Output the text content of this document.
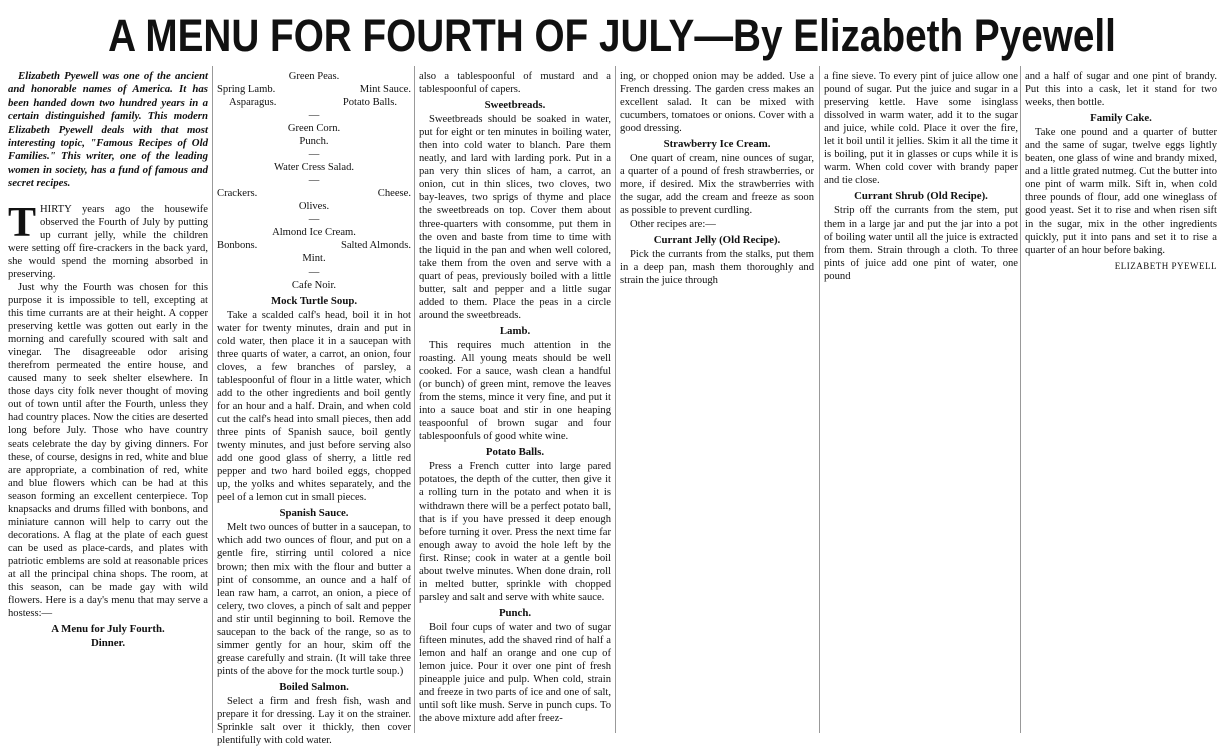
A MENU FOR FOURTH OF JULY—By Elizabeth Pyewell

Elizabeth Pyewell was one of the ancient and honorable names of America. It has been handed down two hundred years in a certain distinguished family. This modern Elizabeth Pyewell deals with that most interesting topic, "Famous Recipes of Old Families." This writer, one of the leading women in society, has a fund of famous and secret recipes.

THIRTY years ago the housewife observed the Fourth of July by putting up currant jelly, while the children were setting off fire-crackers in the back yard, she would spend the morning absorbed in preserving.

Just why the Fourth was chosen for this purpose it is impossible to tell, excepting at this time currants are at their height. A copper preserving kettle was gotten out early in the morning and carefully scoured with salt and vinegar. The disagreeable odor arising therefrom permeated the entire house, and caused many to seek shelter elsewhere. In those days city folk never thought of moving out of town until after the Fourth, unless they had country places. Now the cities are deserted long before July. Those who have country seats celebrate the day by giving dinners. For these, of course, designs in red, white and blue are appropriate, a combination of red, white and blue flowers which can be had at this season forming an excellent centerpiece. Top knapsacks and drums filled with bonbons, and miniature cannon will help to carry out the decorations. A flag at the plate of each guest can be used as place-cards, and plates with patriotic emblems are sold at reasonable prices at all the principal china shops. The room, at this season, can be made gay with wild flowers. Here is a day's menu that may serve a hostess:—

A Menu for July Fourth.
Dinner.
Green Peas.
Spring Lamb.	Mint Sauce.
Asparagus.	Potato Balls.
—
Green Corn.
Punch.
—
Water Cress Salad.
—
Crackers.	Cheese.
Olives.
—
Almond Ice Cream.
Bonbons.	Salted Almonds.
Mint.
—
Cafe Noir.
Mock Turtle Soup.

Take a scalded calf's head, boil it in hot water for twenty minutes, drain and put in cold water, then place it in a saucepan with three quarts of water, a carrot, an onion, four cloves, a few branches of parsley, a tablespoonful of flour in a little water, which add to the other ingredients and boil gently for an hour and a half. Drain, and when cold cut the calf's head into small pieces, then add three pints of Spanish sauce, boil gently twenty minutes, and just before serving also add one good glass of sherry, a little red pepper and two hard boiled eggs, chopped up, the yolks and whites separately, and the peel of a lemon cut in small pieces.

Spanish Sauce.

Melt two ounces of butter in a saucepan, to which add two ounces of flour, and put on a gentle fire, stirring until colored a nice brown; then mix with the flour and butter a pint of consomme, an ounce and a half of lean raw ham, a carrot, an onion, a piece of celery, two cloves, a pinch of salt and pepper and stir until beginning to boil. Remove the saucepan to the back of the range, so as to simmer gently for an hour, skim off the grease carefully and strain. (It will take three pints of the above for the mock turtle soup.)

Boiled Salmon.

Select a firm and fresh fish, wash and prepare it for dressing. Lay it on the strainer. Sprinkle salt over it thickly, then cover plentifully with cold water.

also a tablespoonful of mustard and a tablespoonful of capers.

Sweetbreads.

Sweetbreads should be soaked in water, put for eight or ten minutes in boiling water, then into cold water to blanch. Pare them neatly, and lard with larding pork. Put in a pan very thin slices of ham, a carrot, an onion, cut in thin slices, two cloves, two bay-leaves, two sprigs of thyme and place the sweetbreads on top. Cover them about three-quarters with consomme, put them in the oven and baste from time to time with the liquid in the pan and when well colored, take them from the oven and serve with a quart of peas, previously boiled with a little butter, salt and pepper and a little sugar added to them. Place the peas in a circle around the sweetbreads.

Lamb.

This requires much attention in the roasting. All young meats should be well cooked. For a sauce, wash clean a handful (or bunch) of green mint, remove the leaves from the stems, mince it very fine, and put it into a sauce boat and stir in one heaping teaspoonful of brown sugar and four tablespoonfuls of good white wine.

Potato Balls.

Press a French cutter into large pared potatoes, the depth of the cutter, then give it a rolling turn in the potato and when it is withdrawn there will be a perfect potato ball, that is if you have pressed it deep enough before turning it over. Press the next time far enough away to avoid the hole left by the first. Rinse; cook in water at a gentle boil about twelve minutes. When done drain, roll in melted butter, sprinkle with chopped parsley and salt and serve with white sauce.

Punch.

Boil four cups of water and two of sugar fifteen minutes, add the shaved rind of half a lemon and half an orange and one cup of lemon juice. Pour it over one pint of fresh pineapple juice and pulp. When cold, strain and freeze in two parts of ice and one of salt, until soft like mush. Serve in punch cups. To the above mixture add after freez-

ing, or chopped onion may be added. Use a French dressing. The garden cress makes an excellent salad. It can be mixed with cucumbers, tomatoes or onions. Cover with a good dressing.

Strawberry Ice Cream.

One quart of cream, nine ounces of sugar, a quarter of a pound of fresh strawberries, or more, if desired. Mix the strawberries with the sugar, add the cream and freeze as soon as possible to prevent curdling.

Other recipes are:—

Currant Jelly (Old Recipe).

Pick the currants from the stalks, put them in a deep pan, mash them thoroughly and strain the juice through

a fine sieve. To every pint of juice allow one pound of sugar. Put the juice and sugar in a preserving kettle. Have some isinglass dissolved in warm water, add it to the sugar and juice, while cold. Place it over the fire, let it boil until it jellies. Skim it all the time it is boiling, put it in glasses or cups while it is warm. When cold cover with brandy paper and tie close.

Currant Shrub (Old Recipe).

Strip off the currants from the stem, put them in a large jar and put the jar into a pot of boiling water until all the juice is extracted from them. Strain through a cloth. To three pints of juice add one pint of water, one pound

and a half of sugar and one pint of brandy. Put this into a cask, let it stand for two weeks, then bottle.

Family Cake.

Take one pound and a quarter of butter and the same of sugar, twelve eggs lightly beaten, one glass of wine and brandy mixed, and a little grated nutmeg. Cut the butter into one pint of warm milk. Sift in, when cold three pounds of flour, add one wineglass of good yeast. Set it to rise and when risen sift in the sugar, mix in the other ingredients quickly, put it into pans and set it to rise a quarter of an hour before baking.

ELIZABETH PYEWELL
